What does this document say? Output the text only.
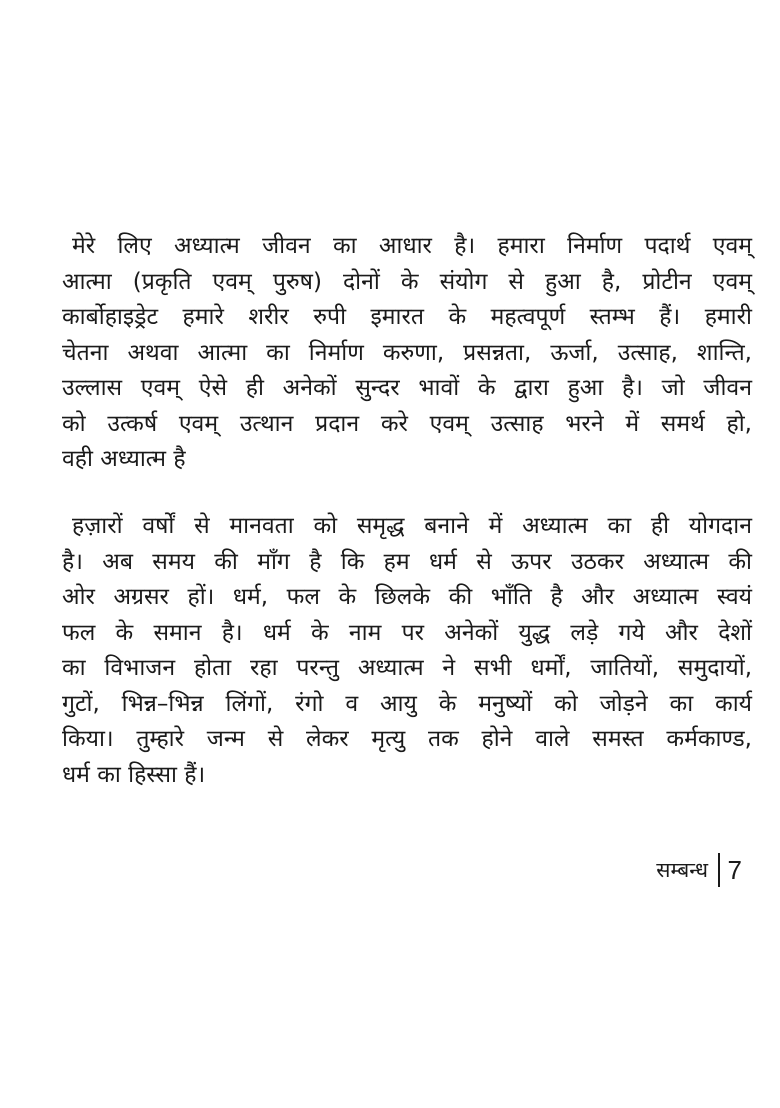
मेरे लिए अध्यात्म जीवन का आधार है। हमारा निर्माण पदार्थ एवम्
आत्मा (प्रकृति एवम् पुरुष) दोनों के संयोग से हुआ है, प्रोटीन एवम्
कार्बोहाइड्रेट हमारे शरीर रुपी इमारत के महत्वपूर्ण स्तम्भ हैं। हमारी
चेतना अथवा आत्मा का निर्माण करुणा, प्रसन्नता, ऊर्जा, उत्साह, शान्ति,
उल्लास एवम् ऐसे ही अनेकों सुन्दर भावों के द्वारा हुआ है। जो जीवन
को उत्कर्ष एवम् उत्थान प्रदान करे एवम् उत्साह भरने में समर्थ हो,
वही अध्यात्म है
हज़ारों वर्षों से मानवता को समृद्ध बनाने में अध्यात्म का ही योगदान
है। अब समय की माँग है कि हम धर्म से ऊपर उठकर अध्यात्म की
ओर अग्रसर हों। धर्म, फल के छिलके की भाँति है और अध्यात्म स्वयं
फल के समान है। धर्म के नाम पर अनेकों युद्ध लड़े गये और देशों
का विभाजन होता रहा परन्तु अध्यात्म ने सभी धर्मों, जातियों, समुदायों,
गुटों, भिन्न–भिन्न लिंगों, रंगो व आयु के मनुष्यों को जोड़ने का कार्य
किया। तुम्हारे जन्म से लेकर मृत्यु तक होने वाले समस्त कर्मकाण्ड,
धर्म का हिस्सा हैं।
सम्बन्ध 7
